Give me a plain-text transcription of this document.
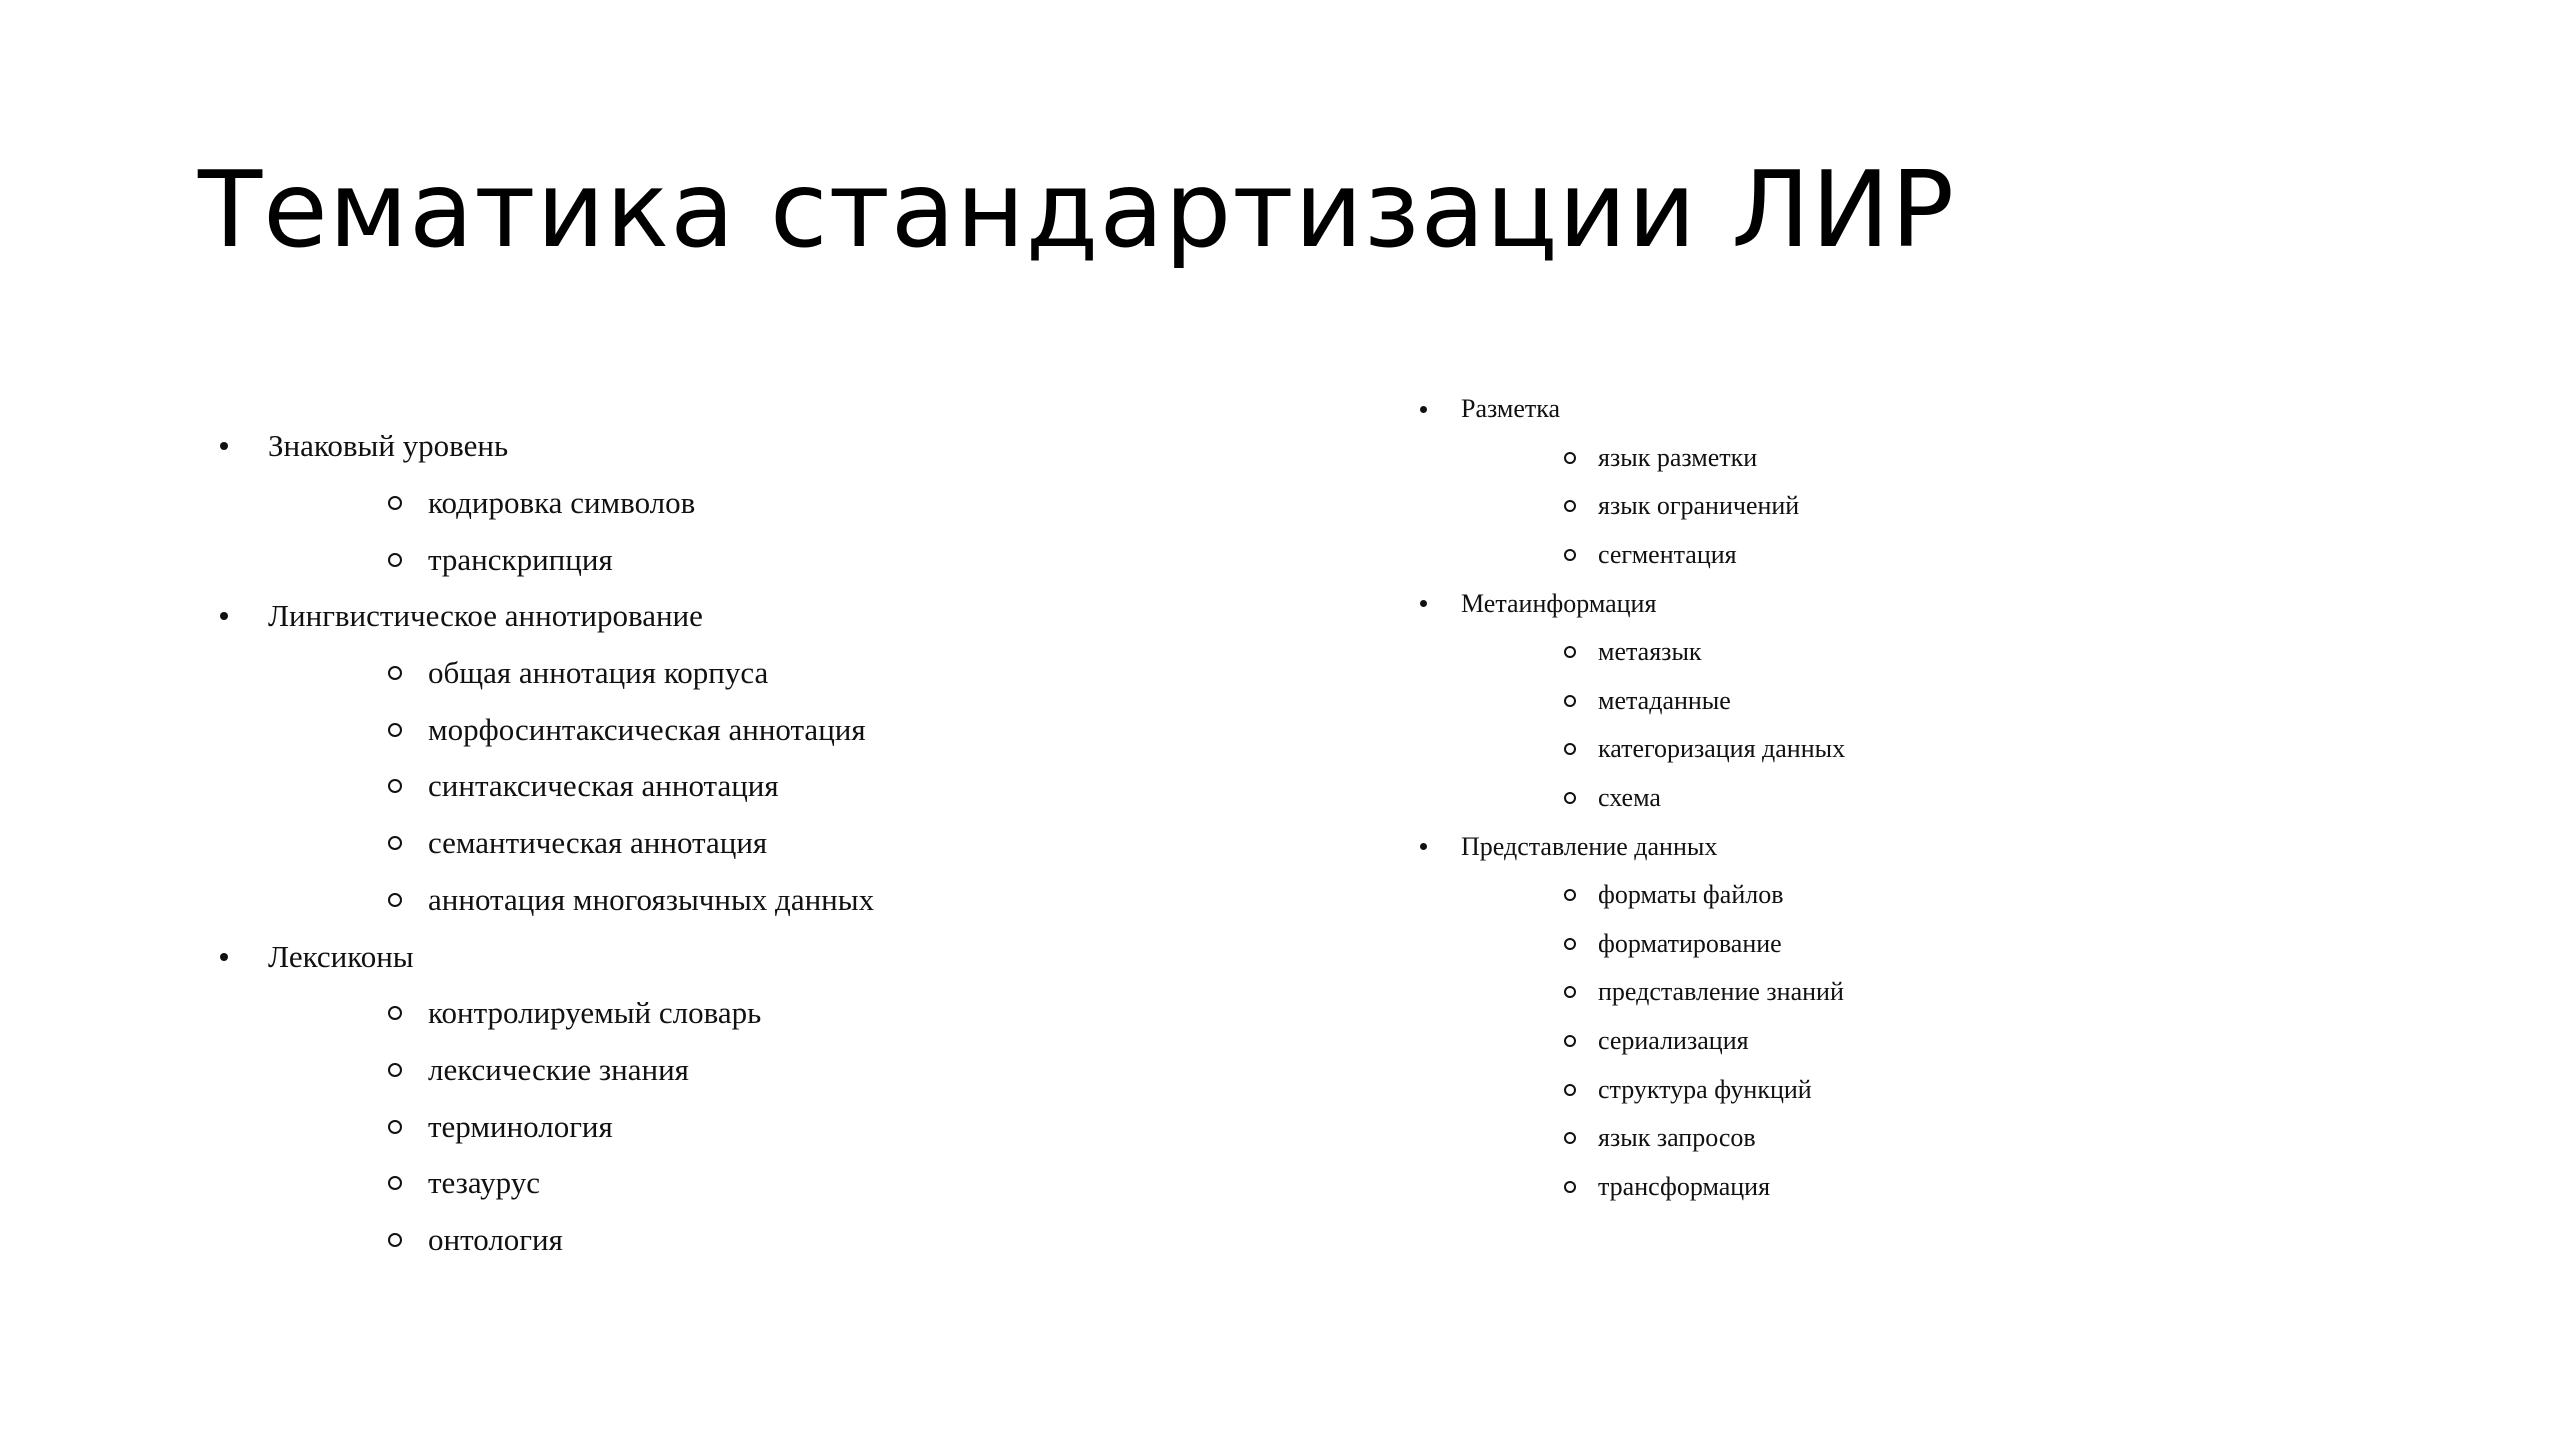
Тематика стандартизации ЛИР
Знаковый уровень
кодировка символов
транскрипция
Лингвистическое аннотирование
общая аннотация корпуса
морфосинтаксическая аннотация
синтаксическая аннотация
семантическая аннотация
аннотация многоязычных данных
Лексиконы
контролируемый словарь
лексические знания
терминология
тезаурус
онтология
Разметка
язык разметки
язык ограничений
сегментация
Метаинформация
метаязык
метаданные
категоризация данных
схема
Представление данных
форматы файлов
форматирование
представление знаний
сериализация
структура функций
язык запросов
трансформация
